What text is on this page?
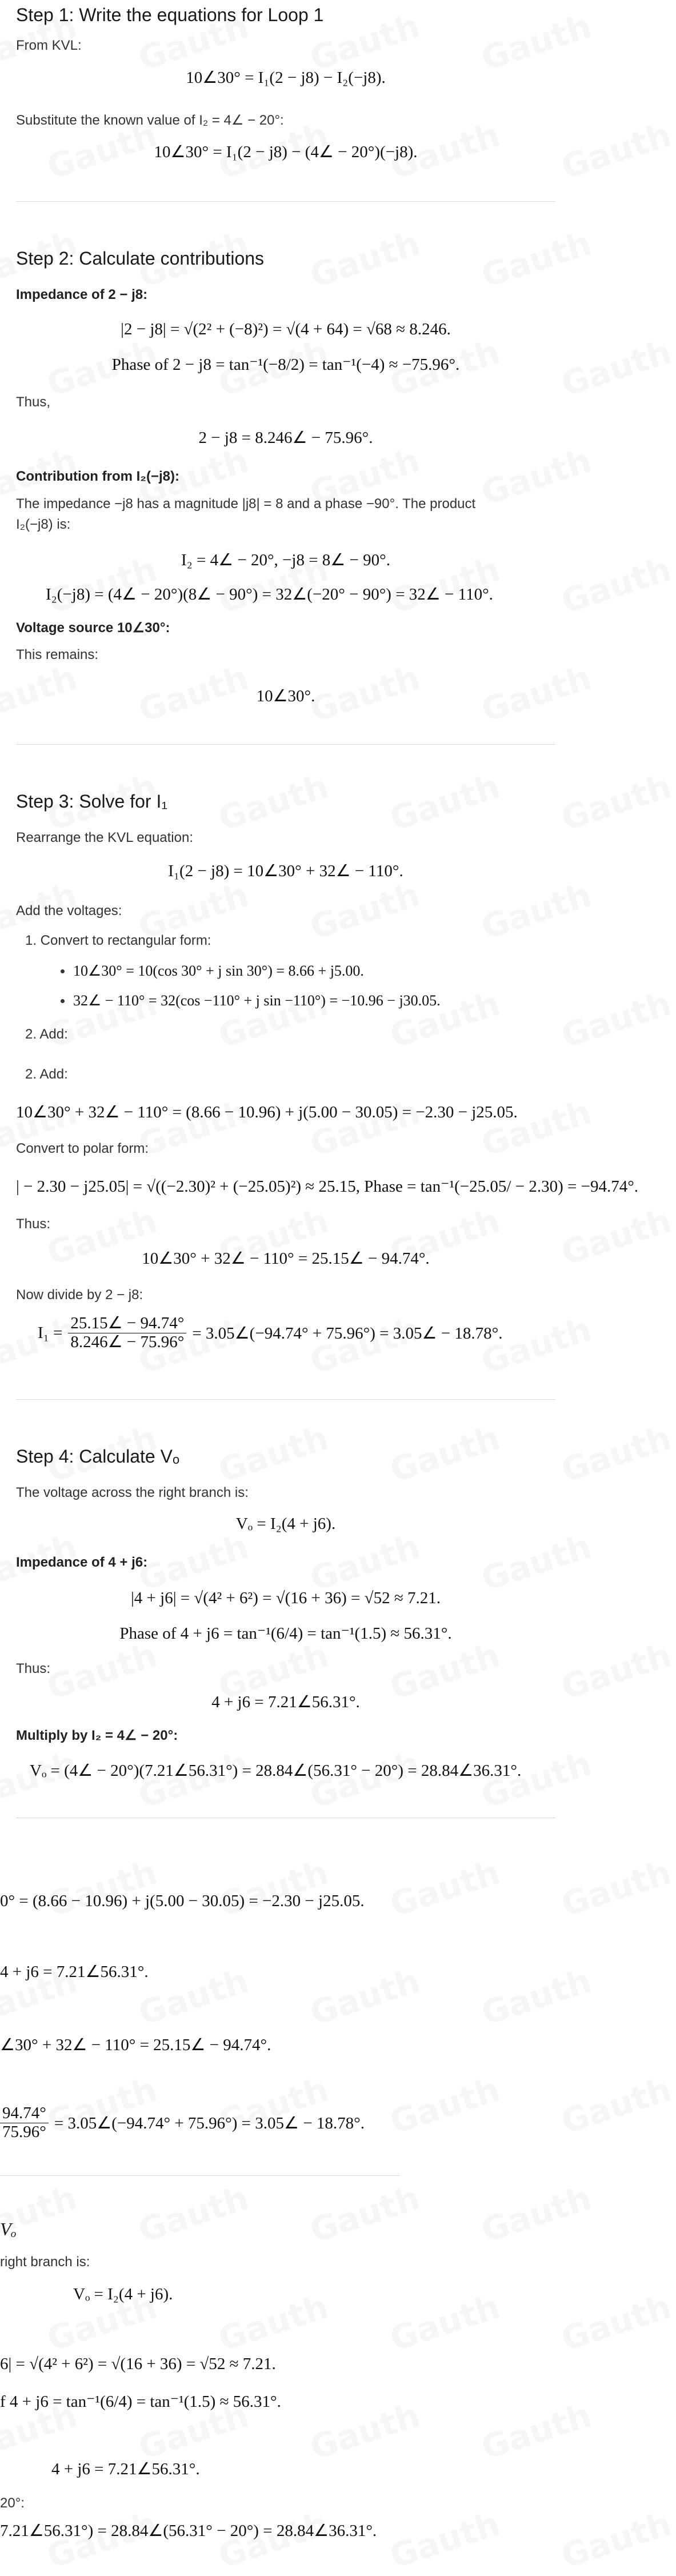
Step 1: Write the equations for Loop 1
From KVL:
10∠30° = I₁(2 − j8) − I₂(−j8).
Substitute the known value of I₂ = 4∠ − 20°:
10∠30° = I₁(2 − j8) − (4∠ − 20°)(−j8).
Step 2: Calculate contributions
Impedance of 2 − j8:
|2 − j8| = √(2² + (−8)²) = √(4 + 64) = √68 ≈ 8.246.
Phase of 2 − j8 = tan⁻¹(−8/2) = tan⁻¹(−4) ≈ −75.96°.
Thus,
2 − j8 = 8.246∠ − 75.96°.
Contribution from I₂(−j8):
The impedance −j8 has a magnitude |j8| = 8 and a phase −90°. The product
I₂(−j8) is:
I₂ = 4∠ − 20°, −j8 = 8∠ − 90°.
I₂(−j8) = (4∠ − 20°)(8∠ − 90°) = 32∠(−20° − 90°) = 32∠ − 110°.
Voltage source 10∠30°:
This remains:
10∠30°.
Step 3: Solve for I₁
Rearrange the KVL equation:
I₁(2 − j8) = 10∠30° + 32∠ − 110°.
Add the voltages:
1. Convert to rectangular form:
10∠30° = 10(cos 30° + j sin 30°) = 8.66 + j5.00.
32∠ − 110° = 32(cos −110° + j sin −110°) = −10.96 − j30.05.
2. Add:
2. Add:
10∠30° + 32∠ − 110° = (8.66 − 10.96) + j(5.00 − 30.05) = −2.30 − j25.05.
Convert to polar form:
| − 2.30 − j25.05| = √((−2.30)² + (−25.05)²) ≈ 25.15, Phase = tan⁻¹(−25.05/ − 2.30) = −94.74°.
Thus:
10∠30° + 32∠ − 110° = 25.15∠ − 94.74°.
Now divide by 2 − j8:
$I_1 = \frac{25.15\angle - 94.74^\circ}{8.246\angle - 75.96^\circ}$ = 3.05∠(−94.74° + 75.96°) = 3.05∠ − 18.78°.
Step 4: Calculate Vₒ
The voltage across the right branch is:
Vₒ = I₂(4 + j6).
Impedance of 4 + j6:
|4 + j6| = √(4² + 6²) = √(16 + 36) = √52 ≈ 7.21.
Phase of 4 + j6 = tan⁻¹(6/4) = tan⁻¹(1.5) ≈ 56.31°.
Thus:
4 + j6 = 7.21∠56.31°.
Multiply by I₂ = 4∠ − 20°:
Vₒ = (4∠ − 20°)(7.21∠56.31°) = 28.84∠(56.31° − 20°) = 28.84∠36.31°.
0° = (8.66 − 10.96) + j(5.00 − 30.05) = −2.30 − j25.05.
4 + j6 = 7.21∠56.31°.
∠30° + 32∠ − 110° = 25.15∠ − 94.74°.
$\frac{94.74^\circ}{75.96^\circ}$ = 3.05∠(−94.74° + 75.96°) = 3.05∠ − 18.78°.
Vₒ
right branch is:
Vₒ = I₂(4 + j6).
6| = √(4² + 6²) = √(16 + 36) = √52 ≈ 7.21.
f 4 + j6 = tan⁻¹(6/4) = tan⁻¹(1.5) ≈ 56.31°.
4 + j6 = 7.21∠56.31°.
20°:
7.21∠56.31°) = 28.84∠(56.31° − 20°) = 28.84∠36.31°.
